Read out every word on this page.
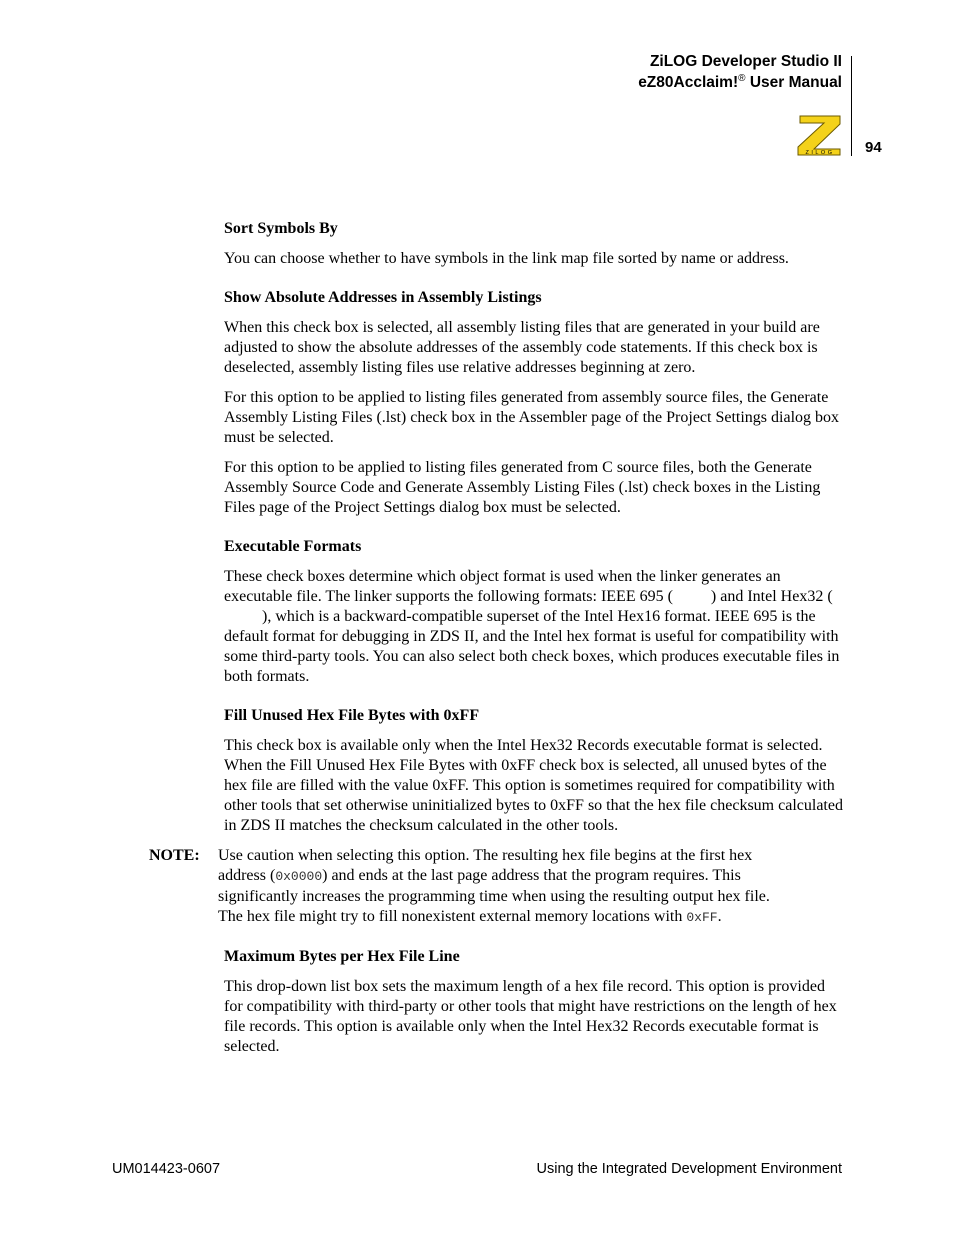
ZiLOG Developer Studio II
eZ80Acclaim!® User Manual
ZILOG	94
Sort Symbols By
You can choose whether to have symbols in the link map file sorted by name or address.
Show Absolute Addresses in Assembly Listings
When this check box is selected, all assembly listing files that are generated in your build are adjusted to show the absolute addresses of the assembly code statements. If this check box is deselected, assembly listing files use relative addresses beginning at zero.
For this option to be applied to listing files generated from assembly source files, the Generate Assembly Listing Files (.lst) check box in the Assembler page of the Project Settings dialog box must be selected.
For this option to be applied to listing files generated from C source files, both the Generate Assembly Source Code and Generate Assembly Listing Files (.lst) check boxes in the Listing Files page of the Project Settings dialog box must be selected.
Executable Formats
These check boxes determine which object format is used when the linker generates an executable file. The linker supports the following formats: IEEE 695 ( ) and Intel Hex32 (), which is a backward-compatible superset of the Intel Hex16 format. IEEE 695 is the default format for debugging in ZDS II, and the Intel hex format is useful for compatibility with some third-party tools. You can also select both check boxes, which produces executable files in both formats.
Fill Unused Hex File Bytes with 0xFF
This check box is available only when the Intel Hex32 Records executable format is selected. When the Fill Unused Hex File Bytes with 0xFF check box is selected, all unused bytes of the hex file are filled with the value 0xFF. This option is sometimes required for compatibility with other tools that set otherwise uninitialized bytes to 0xFF so that the hex file checksum calculated in ZDS II matches the checksum calculated in the other tools.
NOTE: Use caution when selecting this option. The resulting hex file begins at the first hex address (0x0000) and ends at the last page address that the program requires. This significantly increases the programming time when using the resulting output hex file. The hex file might try to fill nonexistent external memory locations with 0xFF.
Maximum Bytes per Hex File Line
This drop-down list box sets the maximum length of a hex file record. This option is provided for compatibility with third-party or other tools that might have restrictions on the length of hex file records. This option is available only when the Intel Hex32 Records executable format is selected.
UM014423-0607	Using the Integrated Development Environment
